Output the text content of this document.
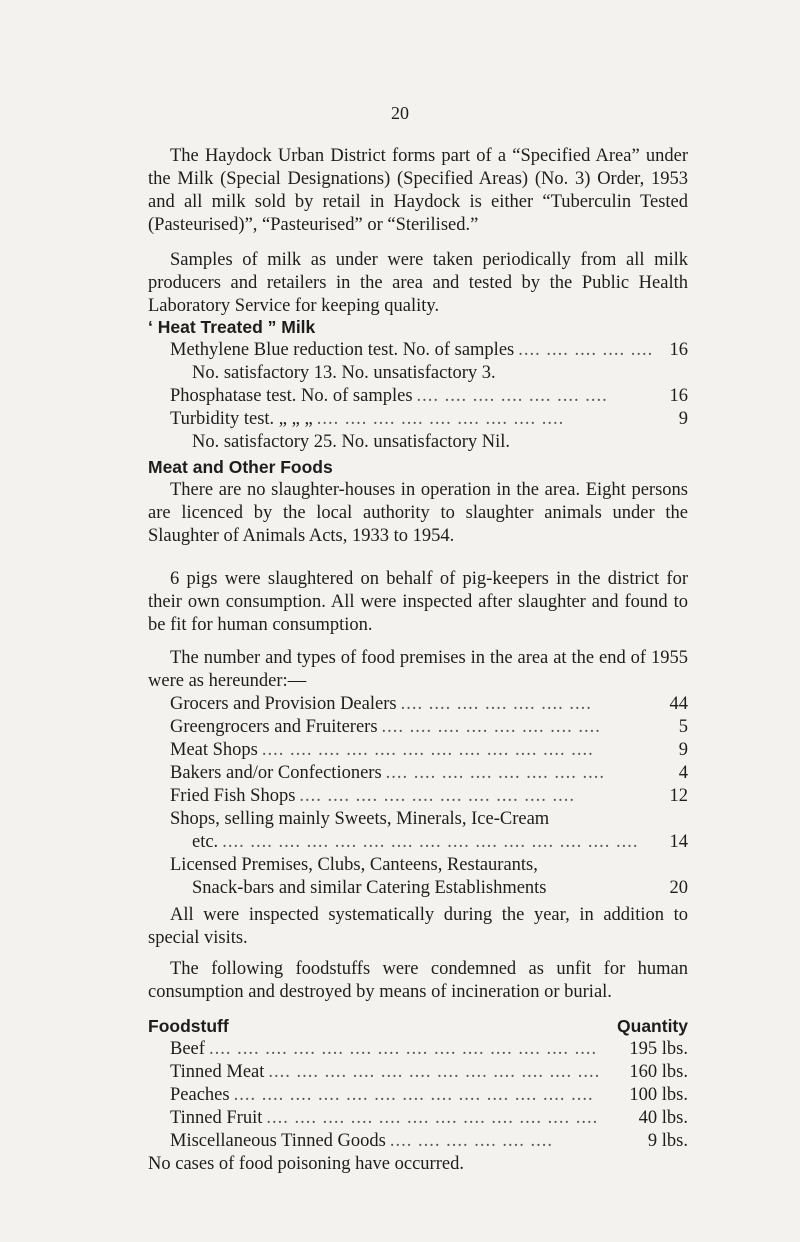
20

The Haydock Urban District forms part of a “Specified Area” under the Milk (Special Designations) (Specified Areas) (No. 3) Order, 1953 and all milk sold by retail in Haydock is either “Tuberculin Tested (Pasteurised)”, “Pasteurised” or “Sterilised.”

Samples of milk as under were taken periodically from all milk producers and retailers in the area and tested by the Public Health Laboratory Service for keeping quality.

‘ Heat Treated ” Milk
Methylene Blue reduction test. No. of samples .... .... .... .... .... 16
No. satisfactory 13. No. unsatisfactory 3.
Phosphatase test. No. of samples .... .... .... .... .... .... ....	16
Turbidity test. „ „ „ .... .... .... .... .... .... .... .... ....	9
No. satisfactory 25. No. unsatisfactory Nil.
Meat and Other Foods

There are no slaughter-houses in operation in the area. Eight persons are licenced by the local authority to slaughter animals under the Slaughter of Animals Acts, 1933 to 1954.

6 pigs were slaughtered on behalf of pig-keepers in the district for their own consumption. All were inspected after slaughter and found to be fit for human consumption.

The number and types of food premises in the area at the end of 1955 were as hereunder:—

Grocers and Provision Dealers .... .... .... .... .... .... ....	44
Greengrocers and Fruiterers .... .... .... .... .... .... .... ....	5
Meat Shops .... .... .... .... .... .... .... .... .... .... .... ....	9
Bakers and/or Confectioners .... .... .... .... .... .... .... ....	4
Fried Fish Shops .... .... .... .... .... .... .... .... .... ....	12
Shops, selling mainly Sweets, Minerals, Ice-Cream
etc. .... .... .... .... .... .... .... .... .... .... .... .... .... .... ....	14
Licensed Premises, Clubs, Canteens, Restaurants,
Snack-bars and similar Catering Establishments	20

All were inspected systematically during the year, in addition to special visits.

The following foodstuffs were condemned as unfit for human consumption and destroyed by means of incineration or burial.

Foodstuff	Quantity
Beef .... .... .... .... .... .... .... .... .... .... .... .... .... ....	195 lbs.
Tinned Meat .... .... .... .... .... .... .... .... .... .... .... ....	160 lbs.
Peaches .... .... .... .... .... .... .... .... .... .... .... .... ....	100 lbs.
Tinned Fruit .... .... .... .... .... .... .... .... .... .... .... ....	40 lbs.
Miscellaneous Tinned Goods .... .... .... .... .... ....	9 lbs.
No cases of food poisoning have occurred.
